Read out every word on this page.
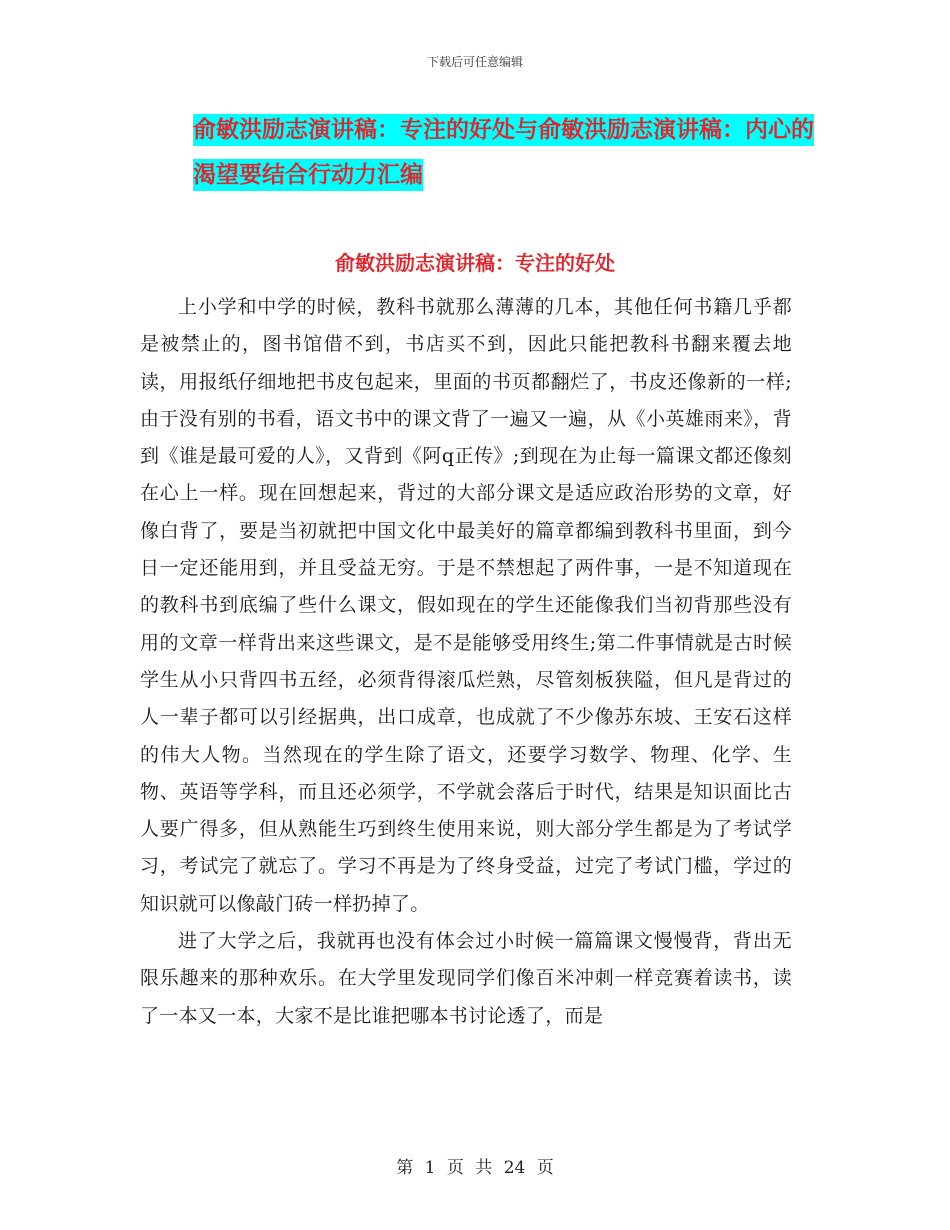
下载后可任意编辑
俞敏洪励志演讲稿：专注的好处与俞敏洪励志演讲稿：内心的渴望要结合行动力汇编
俞敏洪励志演讲稿：专注的好处

上小学和中学的时候，教科书就那么薄薄的几本，其他任何书籍几乎都是被禁止的，图书馆借不到，书店买不到，因此只能把教科书翻来覆去地读，用报纸仔细地把书皮包起来，里面的书页都翻烂了，书皮还像新的一样;由于没有别的书看，语文书中的课文背了一遍又一遍，从《小英雄雨来》，背到《谁是最可爱的人》，又背到《阿q正传》;到现在为止每一篇课文都还像刻在心上一样。现在回想起来，背过的大部分课文是适应政治形势的文章，好像白背了，要是当初就把中国文化中最美好的篇章都编到教科书里面，到今日一定还能用到，并且受益无穷。于是不禁想起了两件事，一是不知道现在的教科书到底编了些什么课文，假如现在的学生还能像我们当初背那些没有用的文章一样背出来这些课文，是不是能够受用终生;第二件事情就是古时候学生从小只背四书五经，必须背得滚瓜烂熟，尽管刻板狭隘，但凡是背过的人一辈子都可以引经据典，出口成章，也成就了不少像苏东坡、王安石这样的伟大人物。当然现在的学生除了语文，还要学习数学、物理、化学、生物、英语等学科，而且还必须学，不学就会落后于时代，结果是知识面比古人要广得多，但从熟能生巧到终生使用来说，则大部分学生都是为了考试学习，考试完了就忘了。学习不再是为了终身受益，过完了考试门槛，学过的知识就可以像敲门砖一样扔掉了。

进了大学之后，我就再也没有体会过小时候一篇篇课文慢慢背，背出无限乐趣来的那种欢乐。在大学里发现同学们像百米冲刺一样竞赛着读书，读了一本又一本，大家不是比谁把哪本书讨论透了，而是

第 1 页 共 24 页
